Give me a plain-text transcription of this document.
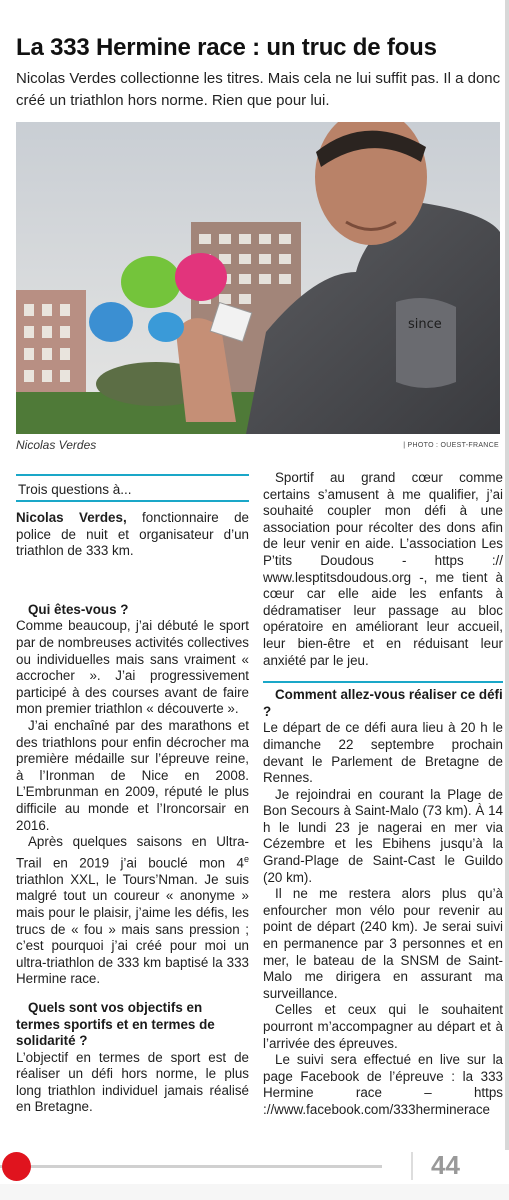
La 333 Hermine race : un truc de fous
Nicolas Verdes collectionne les titres. Mais cela ne lui suffit pas. Il a donc créé un triathlon hors norme. Rien que pour lui.
since
Nicolas Verdes	| PHOTO : OUEST-FRANCE
Trois questions à...

Nicolas Verdes, fonctionnaire de police de nuit et organisateur d’un triathlon de 333 km.

Qui êtes-vous ?

Comme beaucoup, j’ai débuté le sport par de nombreuses activités collectives ou individuelles mais sans vraiment « accrocher ». J’ai progressivement participé à des courses avant de faire mon premier triathlon « découverte ».

J’ai enchaîné par des marathons et des triathlons pour enfin décrocher ma première médaille sur l’épreuve reine, à l’Ironman de Nice en 2008. L’Embrunman en 2009, réputé le plus difficile au monde et l’Ironcorsair en 2016.

Après quelques saisons en Ultra-Trail en 2019 j’ai bouclé mon 4e triathlon XXL, le Tours’Nman. Je suis malgré tout un coureur « anonyme » mais pour le plaisir, j’aime les défis, les trucs de « fou » mais sans pression ; c’est pourquoi j’ai créé pour moi un ultra-triathlon de 333 km baptisé la 333 Hermine race.

Quels sont vos objectifs en termes sportifs et en termes de solidarité ?

L’objectif en termes de sport est de réaliser un défi hors norme, le plus long triathlon individuel jamais réalisé en Bretagne.

Sportif au grand cœur comme certains s’amusent à me qualifier, j’ai souhaité coupler mon défi à une association pour récolter des dons afin de leur venir en aide. L’association Les P’tits Doudous - https :// www.lesptitsdoudous.org -, me tient à cœur car elle aide les enfants à dédramatiser leur passage au bloc opératoire en améliorant leur accueil, leur bien-être et en réduisant leur anxiété par le jeu.

Comment allez-vous réaliser ce défi ?

Le départ de ce défi aura lieu à 20 h le dimanche 22 septembre prochain devant le Parlement de Bretagne de Rennes.

Je rejoindrai en courant la Plage de Bon Secours à Saint-Malo (73 km). À 14 h le lundi 23 je nagerai en mer via Cézembre et les Ebihens jusqu’à la Grand-Plage de Saint-Cast le Guildo (20 km).

Il ne me restera alors plus qu’à enfourcher mon vélo pour revenir au point de départ (240 km). Je serai suivi en permanence par 3 personnes et en mer, le bateau de la SNSM de Saint-Malo me dirigera en assurant ma surveillance.

Celles et ceux qui le souhaitent pourront m’accompagner au départ et à l’arrivée des épreuves.

Le suivi sera effectué en live sur la page Facebook de l’épreuve : la 333 Hermine race – https ://www.facebook.com/333herminerace

44
